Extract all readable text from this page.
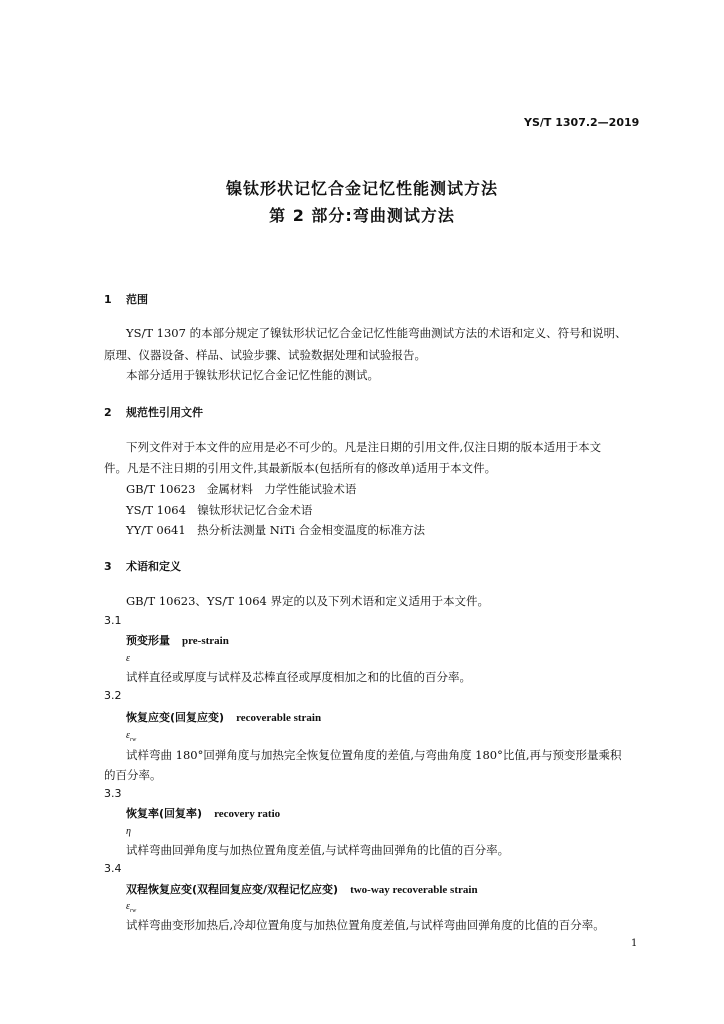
YS/T 1307.2—2019
镍钛形状记忆合金记忆性能测试方法
第 2 部分:弯曲测试方法
1 范围
YS/T 1307 的本部分规定了镍钛形状记忆合金记忆性能弯曲测试方法的术语和定义、符号和说明、
原理、仪器设备、样品、试验步骤、试验数据处理和试验报告。
本部分适用于镍钛形状记忆合金记忆性能的测试。
2 规范性引用文件
下列文件对于本文件的应用是必不可少的。凡是注日期的引用文件,仅注日期的版本适用于本文
件。凡是不注日期的引用文件,其最新版本(包括所有的修改单)适用于本文件。
GB/T 10623　金属材料　力学性能试验术语
YS/T 1064　镍钛形状记忆合金术语
YY/T 0641　热分析法测量 NiTi 合金相变温度的标准方法
3 术语和定义
GB/T 10623、YS/T 1064 界定的以及下列术语和定义适用于本文件。
3.1
预变形量 pre-strain
ε
试样直径或厚度与试样及芯棒直径或厚度相加之和的比值的百分率。
3.2
恢复应变(回复应变) recoverable strain
$\varepsilon_{rw}$
试样弯曲 180°回弹角度与加热完全恢复位置角度的差值,与弯曲角度 180°比值,再与预变形量乘积
的百分率。
3.3
恢复率(回复率) recovery ratio
η
试样弯曲回弹角度与加热位置角度差值,与试样弯曲回弹角的比值的百分率。
3.4
双程恢复应变(双程回复应变/双程记忆应变) two-way recoverable strain
$\varepsilon_{rw}$
试样弯曲变形加热后,冷却位置角度与加热位置角度差值,与试样弯曲回弹角度的比值的百分率。
1
